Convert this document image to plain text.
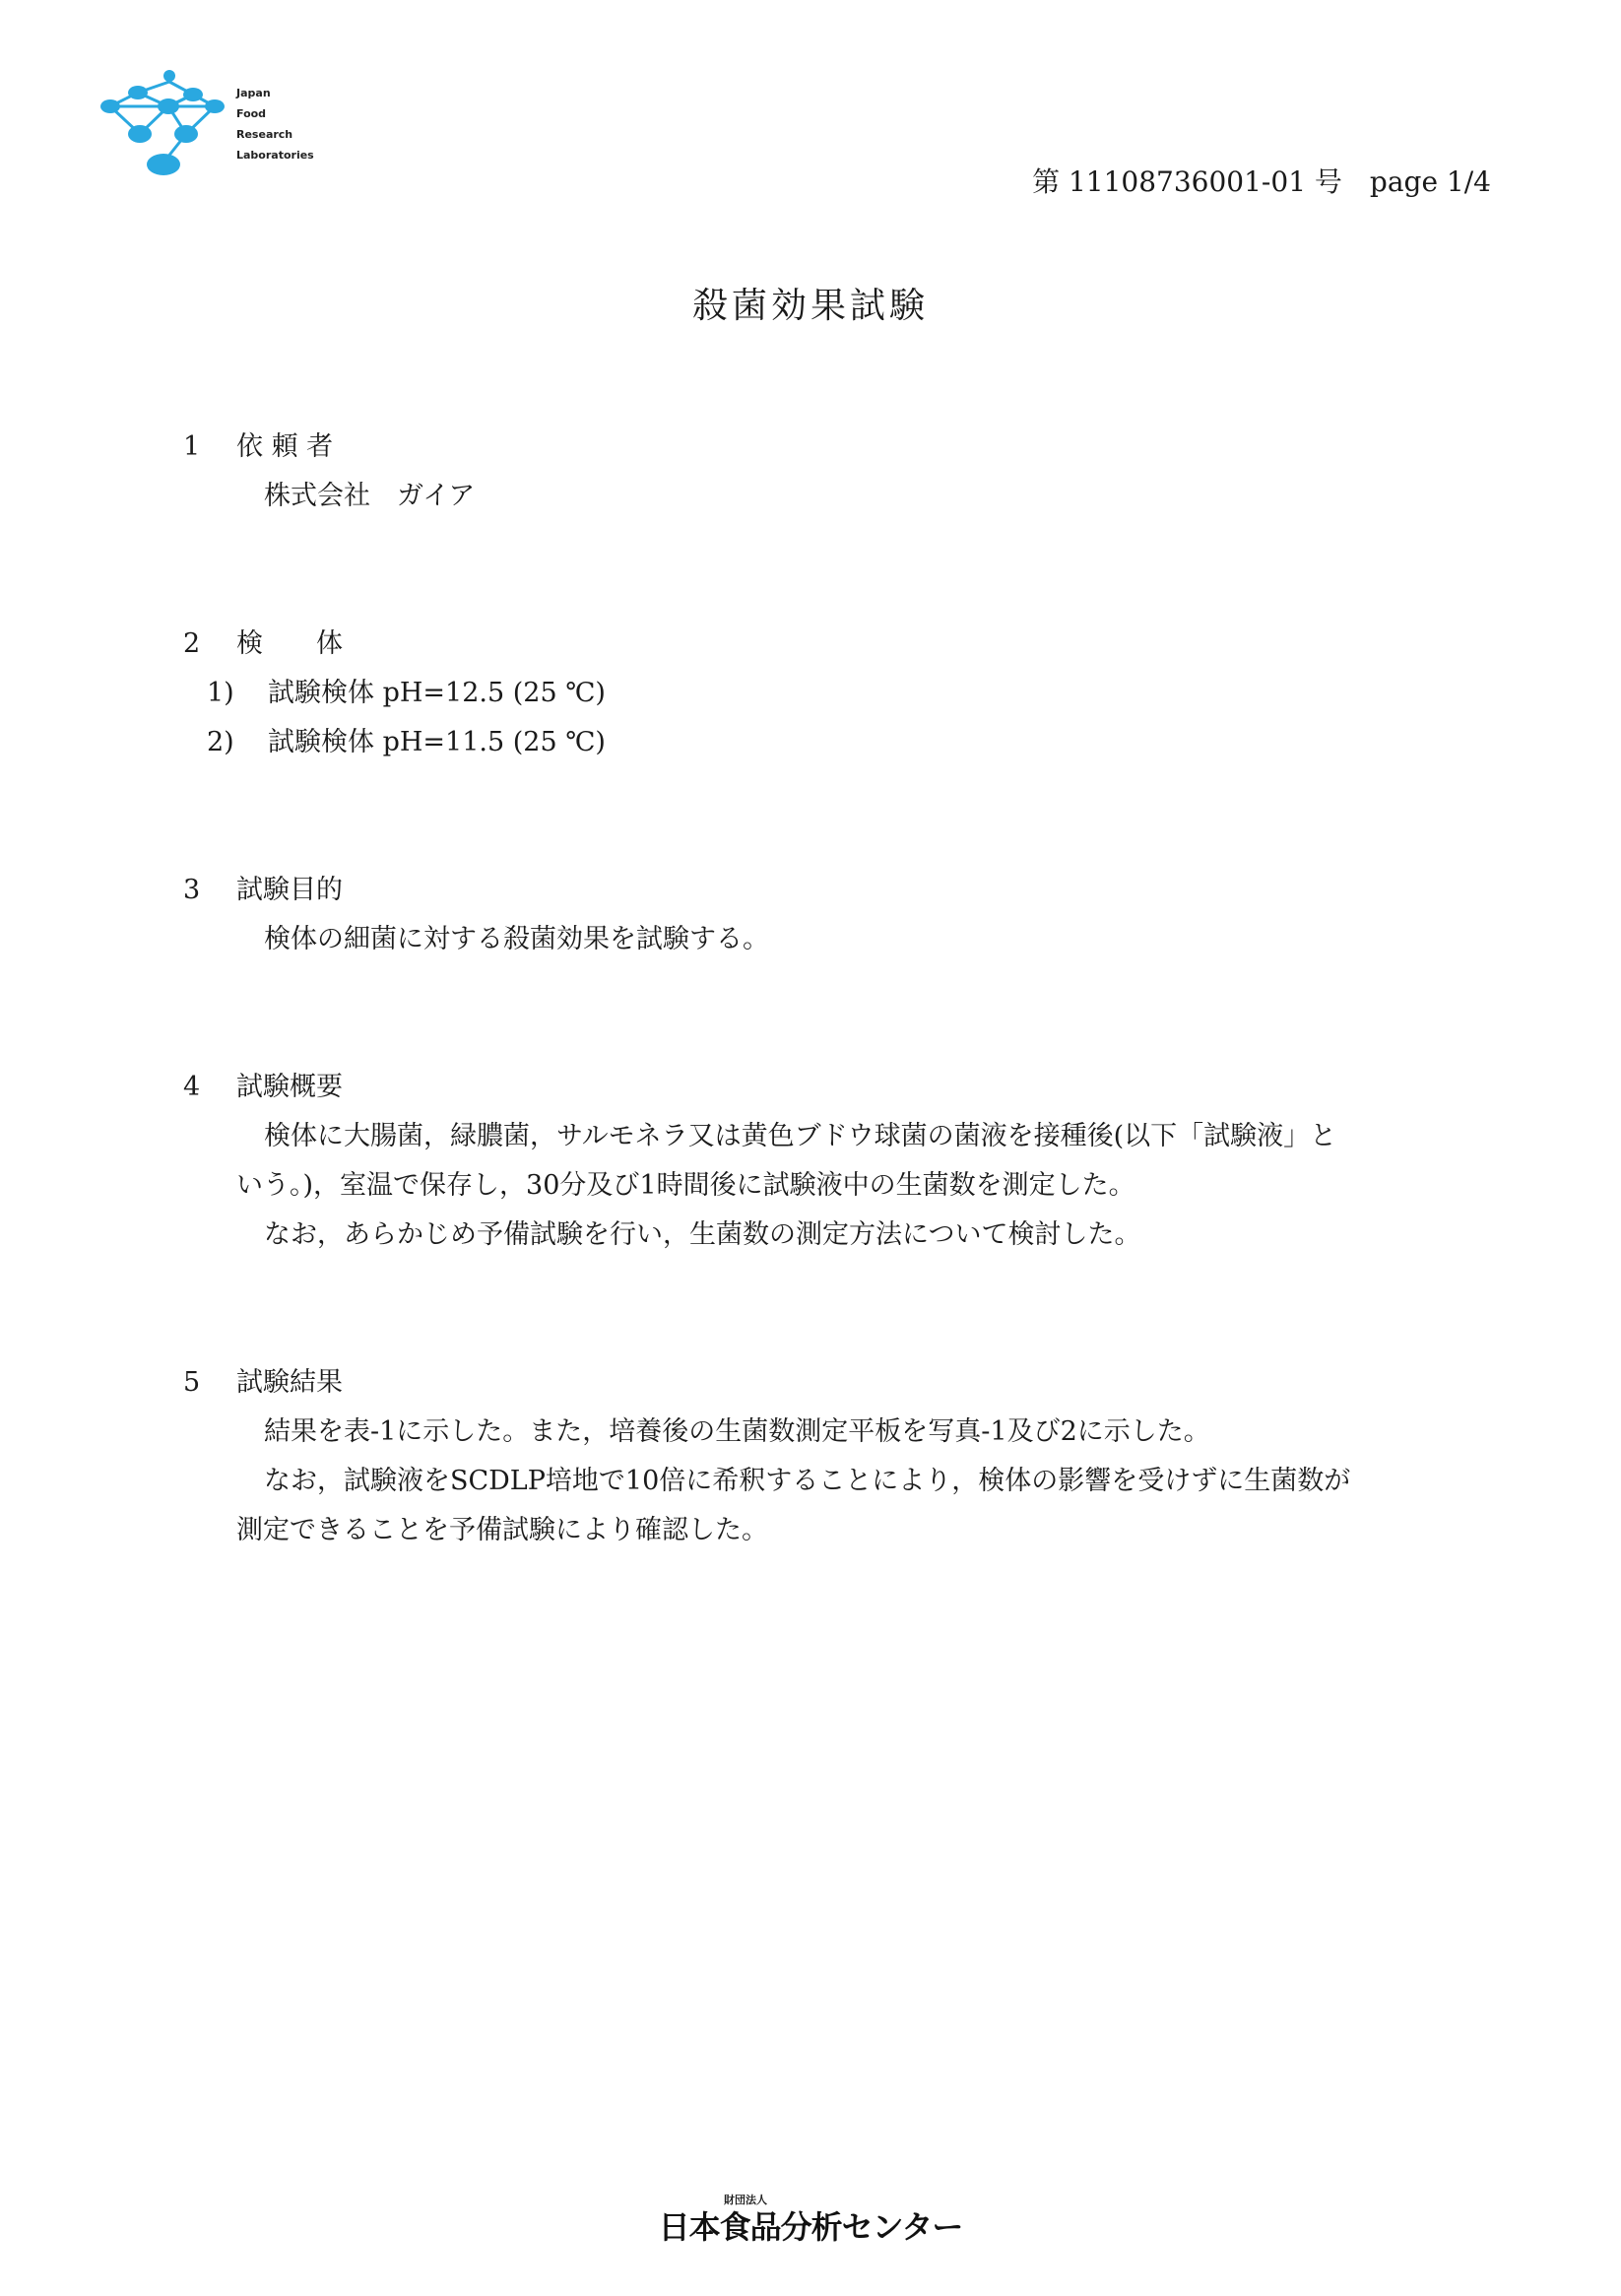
Japan
Food
Research
Laboratories
第 11108736001-01 号　page 1/4
殺菌効果試験
1	依 頼 者
株式会社　ガイア
2	検　　体
1) 試験検体 pH=12.5 (25 ℃)
2) 試験検体 pH=11.5 (25 ℃)
3	試験目的
検体の細菌に対する殺菌効果を試験する。
4	試験概要
検体に大腸菌，緑膿菌，サルモネラ又は黄色ブドウ球菌の菌液を接種後(以下「試験液」と
いう。)，室温で保存し，30分及び1時間後に試験液中の生菌数を測定した。
なお，あらかじめ予備試験を行い，生菌数の測定方法について検討した。
5	試験結果
結果を表-1に示した。また，培養後の生菌数測定平板を写真-1及び2に示した。
なお，試験液をSCDLP培地で10倍に希釈することにより，検体の影響を受けずに生菌数が
測定できることを予備試験により確認した。
財団法人
日本食品分析センター
